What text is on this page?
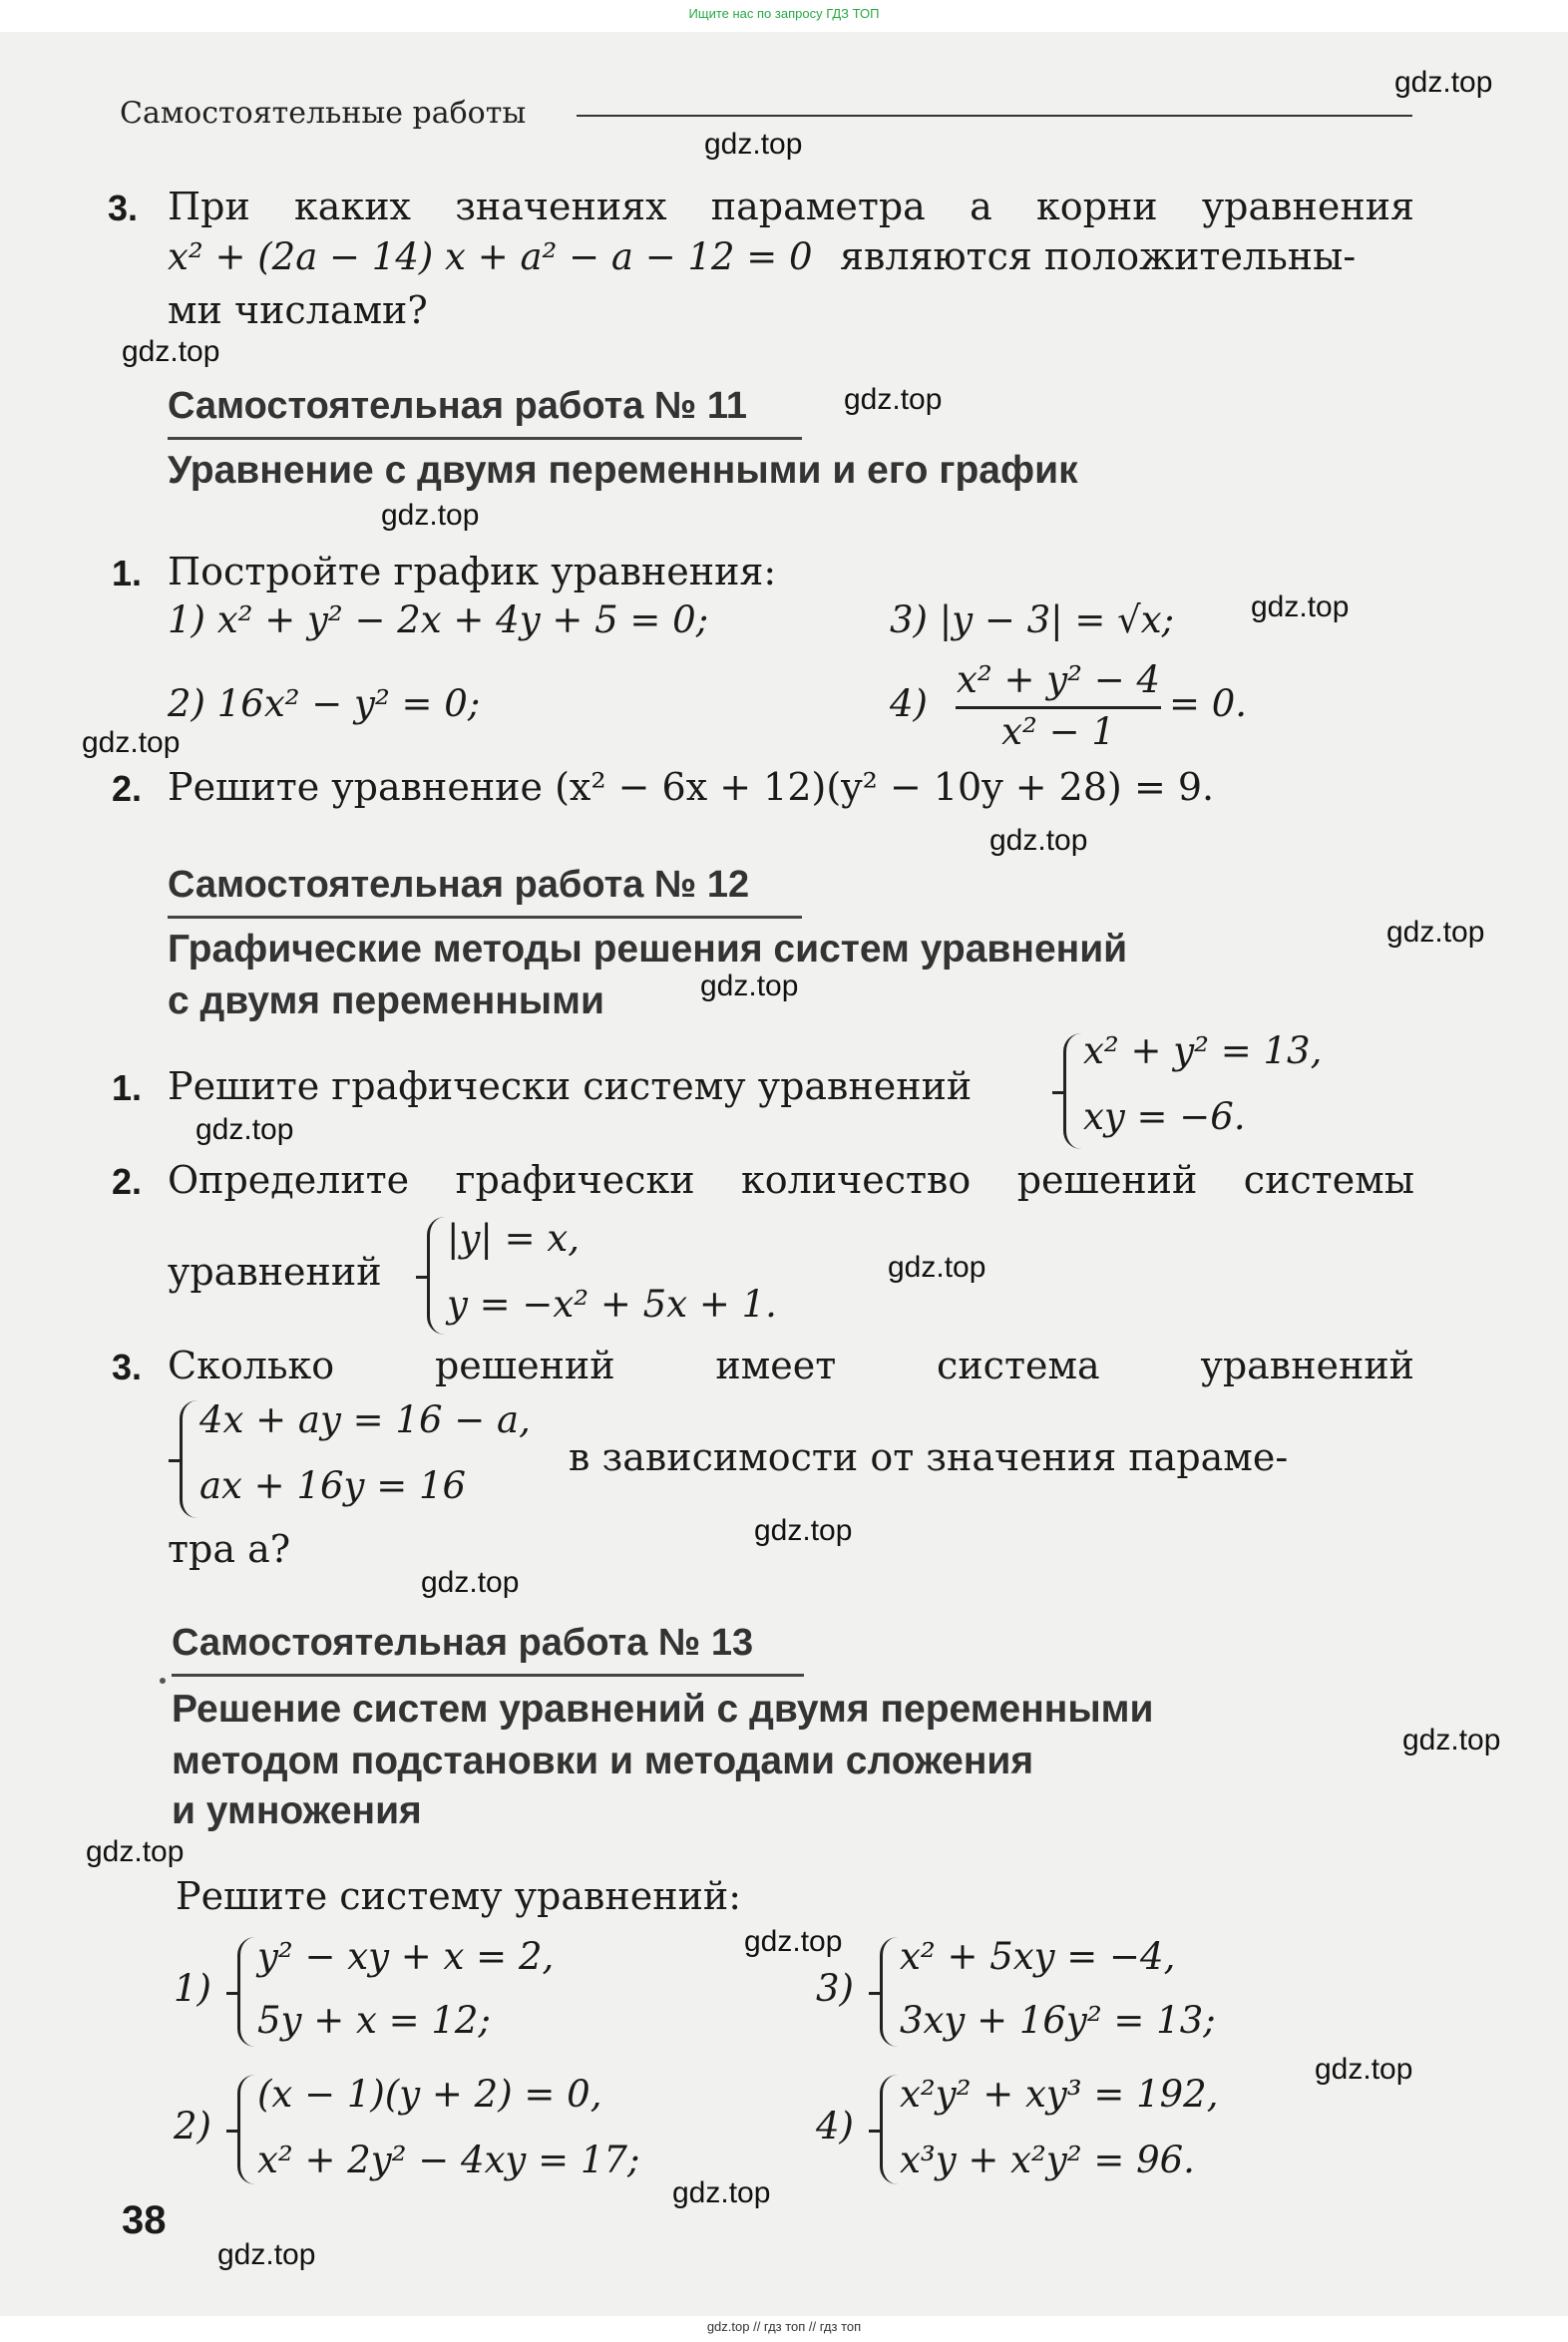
Ищите нас по запросу ГДЗ ТОП
Самостоятельные работы
gdz.top
gdz.top
gdz.top
gdz.top
gdz.top
gdz.top
gdz.top
gdz.top
gdz.top
gdz.top
gdz.top
gdz.top
gdz.top
gdz.top
gdz.top
gdz.top
gdz.top
gdz.top
gdz.top
gdz.top
3. При каких значениях параметра a корни уравнения
x² + (2a − 14) x + a² − a − 12 = 0 являются положительны-
ми числами?
Самостоятельная работа № 11
Уравнение с двумя переменными и его график
1. Постройте график уравнения:
1) x² + y² − 2x + 4y + 5 = 0;	3) |y − 3| = √x;
2) 16x² − y² = 0;	4)
x² + y² − 4
x² − 1
= 0.
2. Решите уравнение (x² − 6x + 12)(y² − 10y + 28) = 9.
Самостоятельная работа № 12
Графические методы решения систем уравнений
с двумя переменными
1. Решите графически систему уравнений
x² + y² = 13,
xy = −6.
2. Определите графически количество решений системы
уравнений
|y| = x,
y = −x² + 5x + 1.
3. Сколько решений имеет система уравнений
4x + ay = 16 − a,
ax + 16y = 16
в зависимости от значения параме-
тра a?
Самостоятельная работа № 13
Решение систем уравнений с двумя переменными
методом подстановки и методами сложения
и умножения
Решите систему уравнений:
1)
y² − xy + x = 2,
5y + x = 12;
3)
x² + 5xy = −4,
3xy + 16y² = 13;
2)
(x − 1)(y + 2) = 0,
x² + 2y² − 4xy = 17;
4)
x²y² + xy³ = 192,
x³y + x²y² = 96.
38
gdz.top // гдз топ // гдз топ
